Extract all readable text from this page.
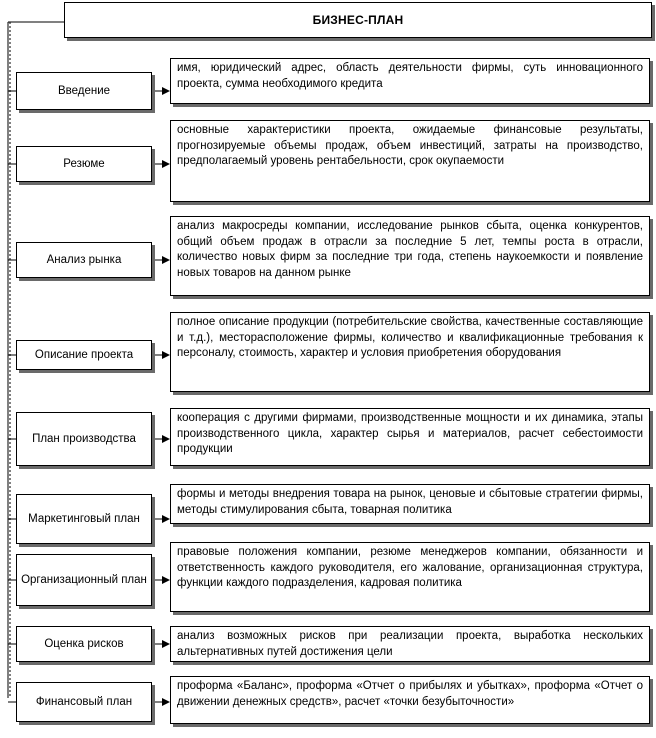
БИЗНЕС-ПЛАН
Введение
имя, юридический адрес, область деятельности фирмы, суть инновационного проекта, сумма необходимого кредита
Резюме
основные характеристики проекта, ожидаемые финансовые результаты, прогнозируемые объемы продаж, объем инвестиций, затраты на производство, предполагаемый уровень рентабельности, срок окупаемости
Анализ рынка
анализ макросреды компании, исследование рынков сбыта, оценка конкурентов, общий объем продаж в отрасли за последние 5 лет, темпы роста в отрасли, количество новых фирм за последние три года, степень наукоемкости и появление новых товаров на данном рынке
Описание проекта
полное описание продукции (потребительские свойства, качественные составляющие и т.д.), месторасположение фирмы, количество и квалификационные требования к персоналу, стоимость, характер и условия приобретения оборудования
План производства
кооперация с другими фирмами, производственные мощности и их динамика, этапы производственного цикла, характер сырья и материалов, расчет себестоимости продукции
Маркетинговый план
формы и методы внедрения товара на рынок, ценовые и сбытовые стратегии фирмы, методы стимулирования сбыта, товарная политика
Организационный план
правовые положения компании, резюме менеджеров компании, обязанности и ответственность каждого руководителя, его жалование, организационная структура, функции каждого подразделения, кадровая политика
Оценка рисков
анализ возможных рисков при реализации проекта, выработка нескольких альтернативных путей достижения цели
Финансовый план
проформа «Баланс», проформа «Отчет о прибылях и убытках», проформа «Отчет о движении денежных средств», расчет «точки безубыточности»
